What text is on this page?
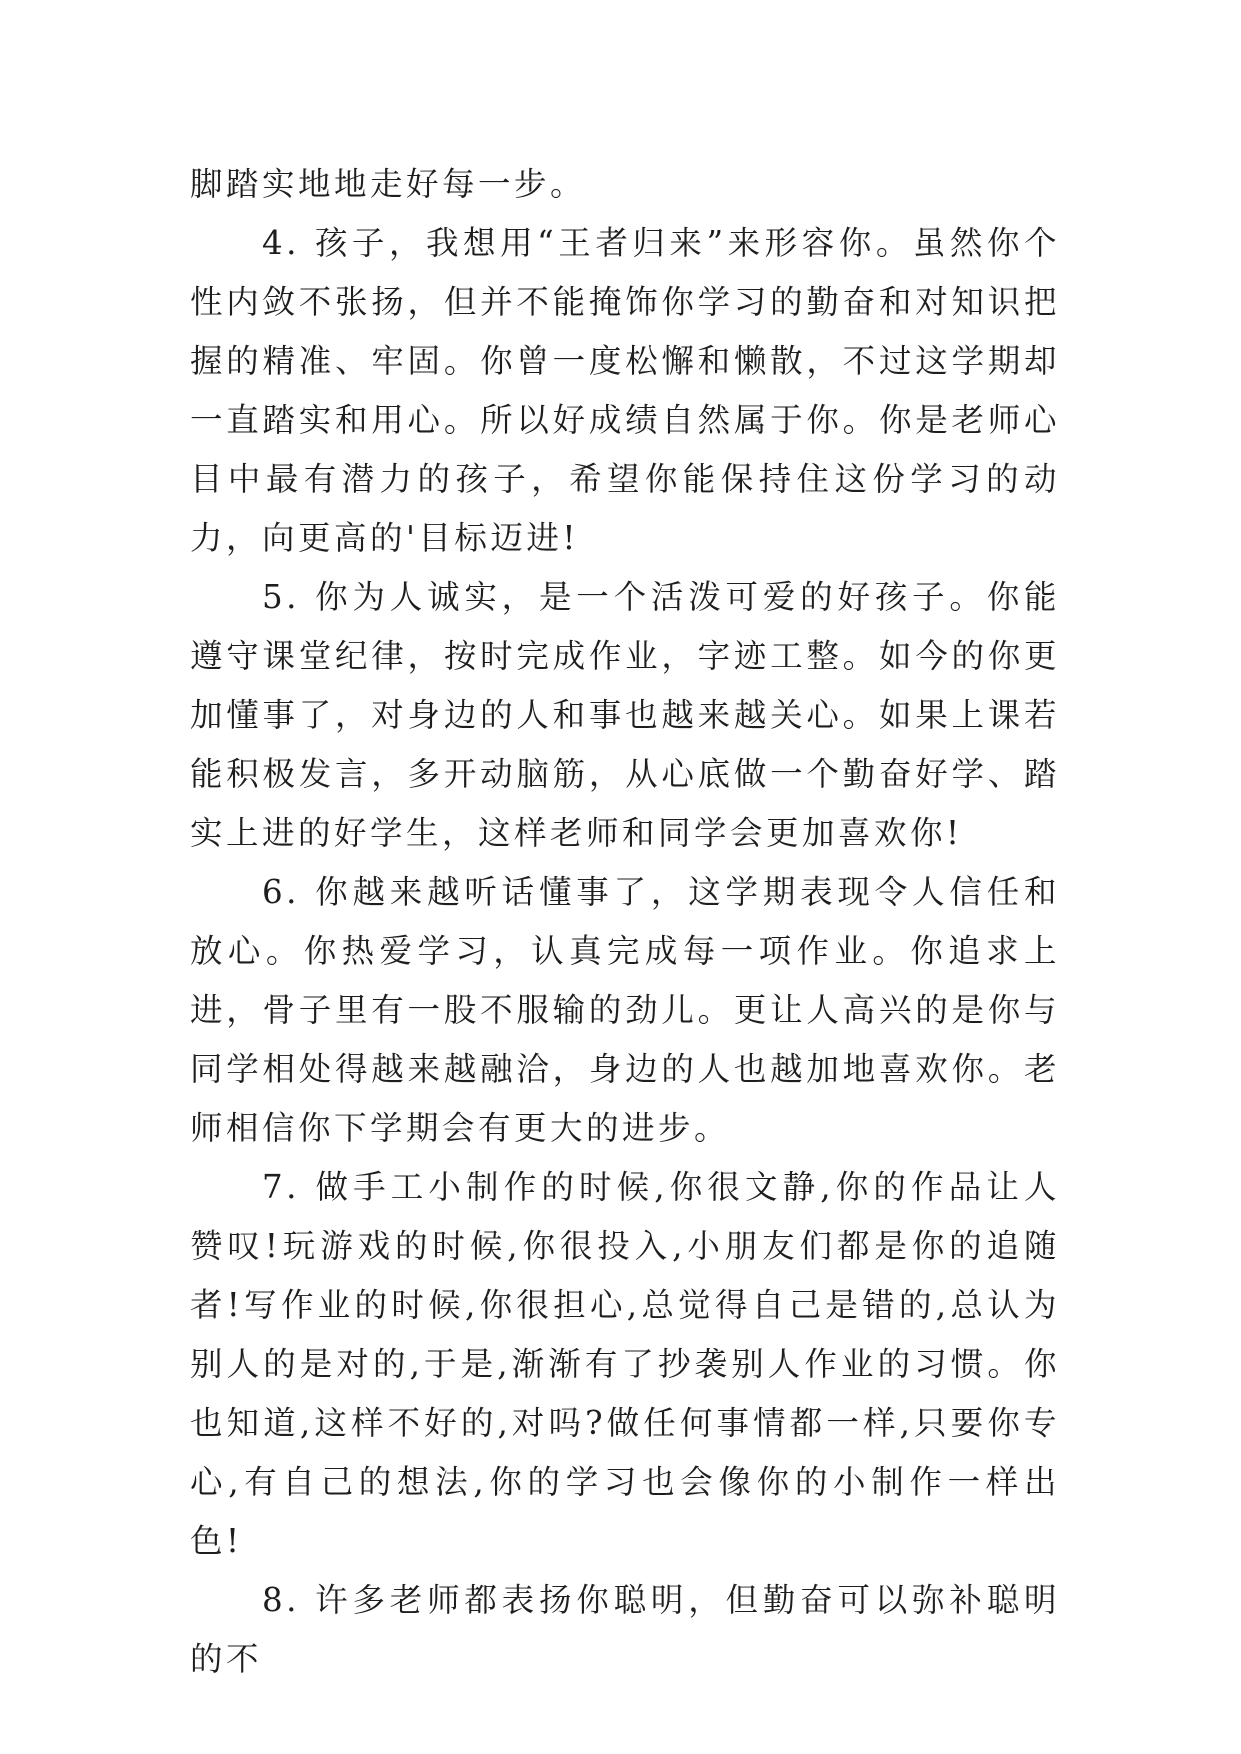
脚踏实地地走好每一步。

4. 孩子，我想用“王者归来”来形容你。虽然你个性内敛不张扬，但并不能掩饰你学习的勤奋和对知识把握的精准、牢固。你曾一度松懈和懒散，不过这学期却一直踏实和用心。所以好成绩自然属于你。你是老师心目中最有潜力的孩子，希望你能保持住这份学习的动力，向更高的'目标迈进!

5. 你为人诚实，是一个活泼可爱的好孩子。你能遵守课堂纪律，按时完成作业，字迹工整。如今的你更加懂事了，对身边的人和事也越来越关心。如果上课若能积极发言，多开动脑筋，从心底做一个勤奋好学、踏实上进的好学生，这样老师和同学会更加喜欢你!

6. 你越来越听话懂事了，这学期表现令人信任和放心。你热爱学习，认真完成每一项作业。你追求上进，骨子里有一股不服输的劲儿。更让人高兴的是你与同学相处得越来越融洽，身边的人也越加地喜欢你。老师相信你下学期会有更大的进步。

7. 做手工小制作的时候,你很文静,你的作品让人赞叹!玩游戏的时候,你很投入,小朋友们都是你的追随者!写作业的时候,你很担心,总觉得自己是错的,总认为别人的是对的,于是,渐渐有了抄袭别人作业的习惯。你也知道,这样不好的,对吗?做任何事情都一样,只要你专心,有自己的想法,你的学习也会像你的小制作一样出色!

8. 许多老师都表扬你聪明，但勤奋可以弥补聪明的不
